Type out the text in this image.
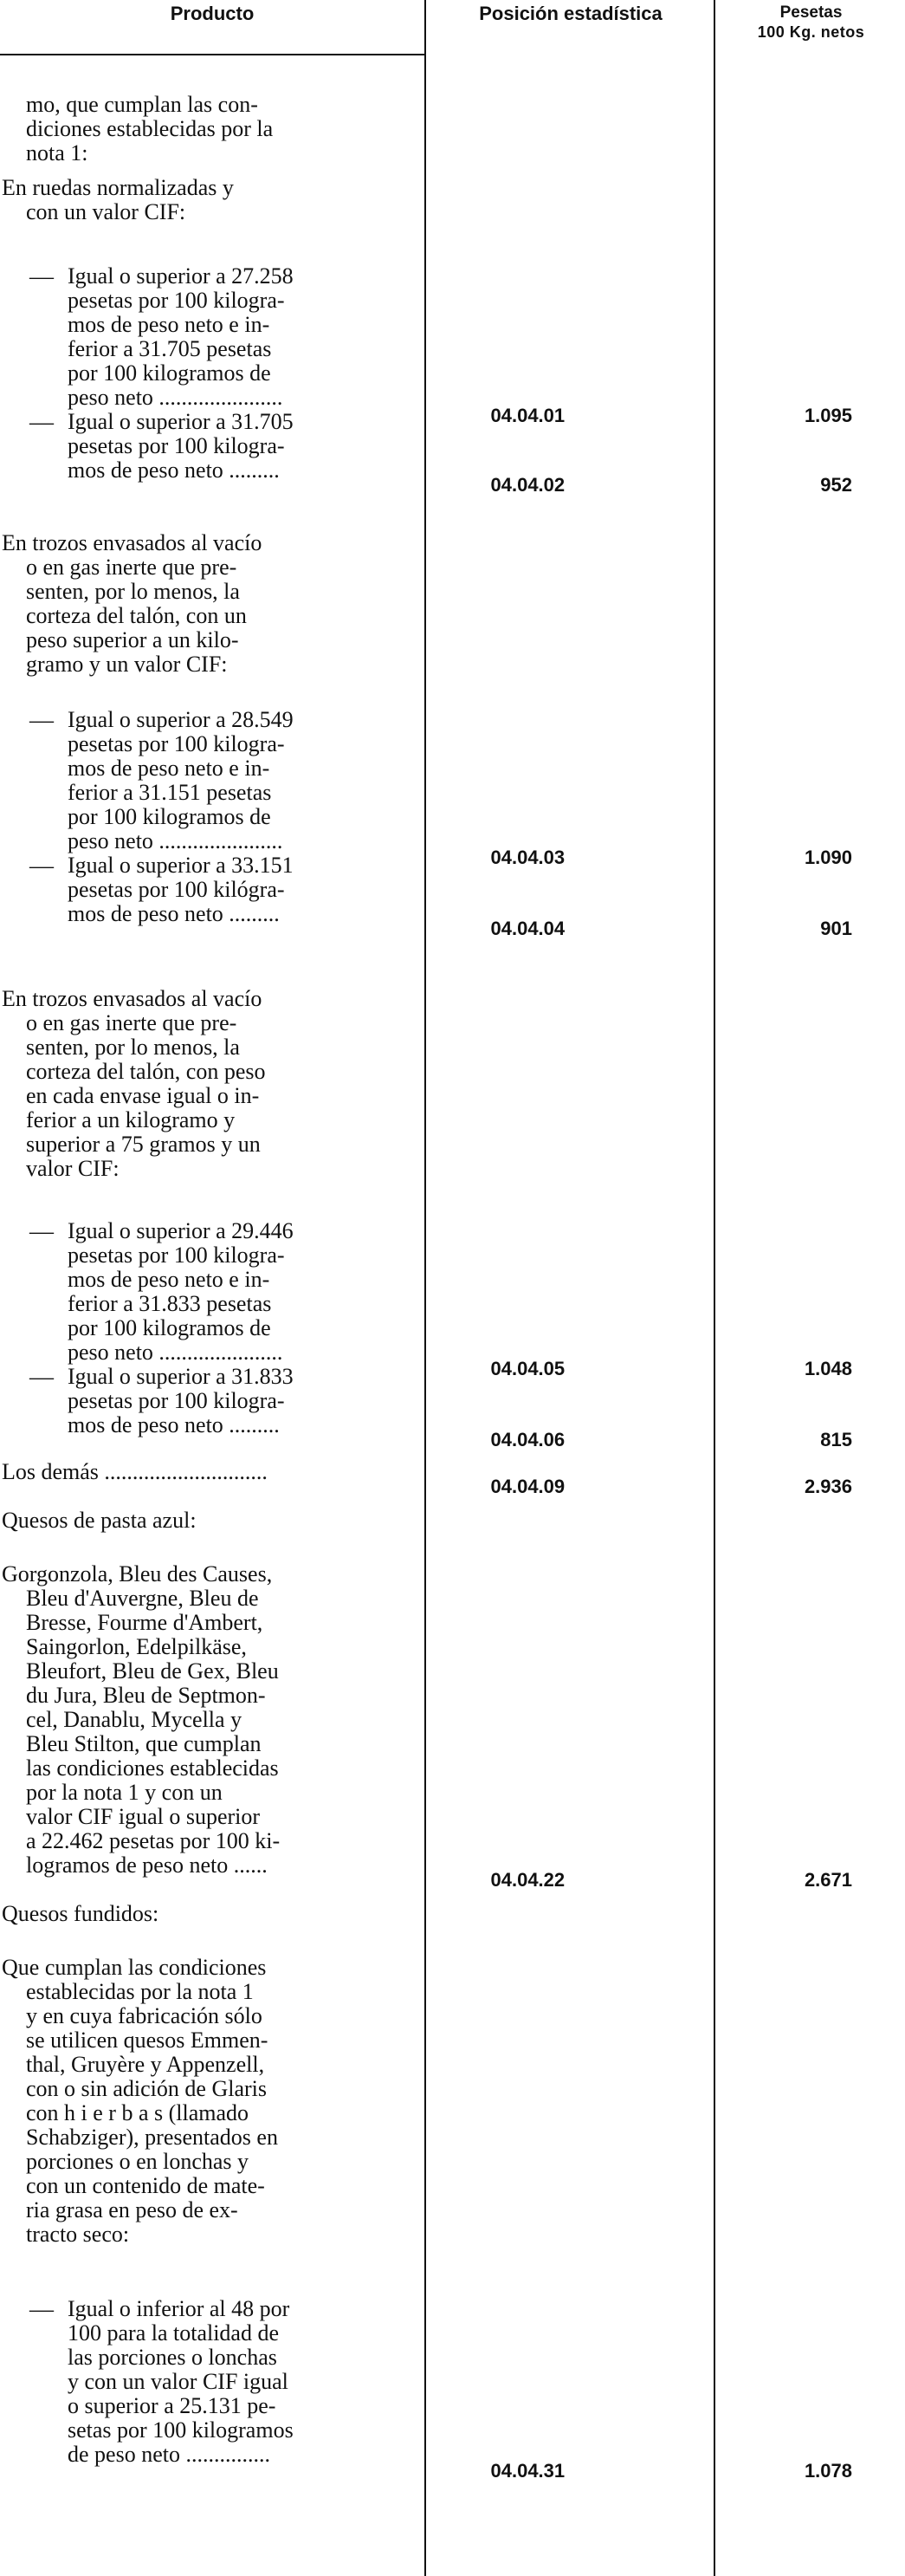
Producto	Posición estadística	Pesetas
100 Kg. netos
mo, que cumplan las con-
diciones establecidas por la
nota 1:
En ruedas normalizadas y
con un valor CIF:
— Igual o superior a 27.258
pesetas por 100 kilogra-
mos de peso neto e in-
ferior a 31.705 pesetas
por 100 kilogramos de
peso neto ......................
— Igual o superior a 31.705
pesetas por 100 kilogra-
mos de peso neto .........
En trozos envasados al vacío
o en gas inerte que pre-
senten, por lo menos, la
corteza del talón, con un
peso superior a un kilo-
gramo y un valor CIF:
— Igual o superior a 28.549
pesetas por 100 kilogra-
mos de peso neto e in-
ferior a 31.151 pesetas
por 100 kilogramos de
peso neto ......................
— Igual o superior a 33.151
pesetas por 100 kilógra-
mos de peso neto .........
En trozos envasados al vacío
o en gas inerte que pre-
senten, por lo menos, la
corteza del talón, con peso
en cada envase igual o in-
ferior a un kilogramo y
superior a 75 gramos y un
valor CIF:
— Igual o superior a 29.446
pesetas por 100 kilogra-
mos de peso neto e in-
ferior a 31.833 pesetas
por 100 kilogramos de
peso neto ......................
— Igual o superior a 31.833
pesetas por 100 kilogra-
mos de peso neto .........
Los demás .............................
Quesos de pasta azul:
Gorgonzola, Bleu des Causes,
Bleu d'Auvergne, Bleu de
Bresse, Fourme d'Ambert,
Saingorlon, Edelpilkäse,
Bleufort, Bleu de Gex, Bleu
du Jura, Bleu de Septmon-
cel, Danablu, Mycella y
Bleu Stilton, que cumplan
las condiciones establecidas
por la nota 1 y con un
valor CIF igual o superior
a 22.462 pesetas por 100 ki-
logramos de peso neto ......
Quesos fundidos:
Que cumplan las condiciones
establecidas por la nota 1
y en cuya fabricación sólo
se utilicen quesos Emmen-
thal, Gruyère y Appenzell,
con o sin adición de Glaris
con h i e r b a s (llamado
Schabziger), presentados en
porciones o en lonchas y
con un contenido de mate-
ria grasa en peso de ex-
tracto seco:
— Igual o inferior al 48 por
100 para la totalidad de
las porciones o lonchas
y con un valor CIF igual
o superior a 25.131 pe-
setas por 100 kilogramos
de peso neto ...............
04.04.01
04.04.02
04.04.03
04.04.04
04.04.05
04.04.06
04.04.09
04.04.22
04.04.31
1.095
952
1.090
901
1.048
815
2.936
2.671
1.078
